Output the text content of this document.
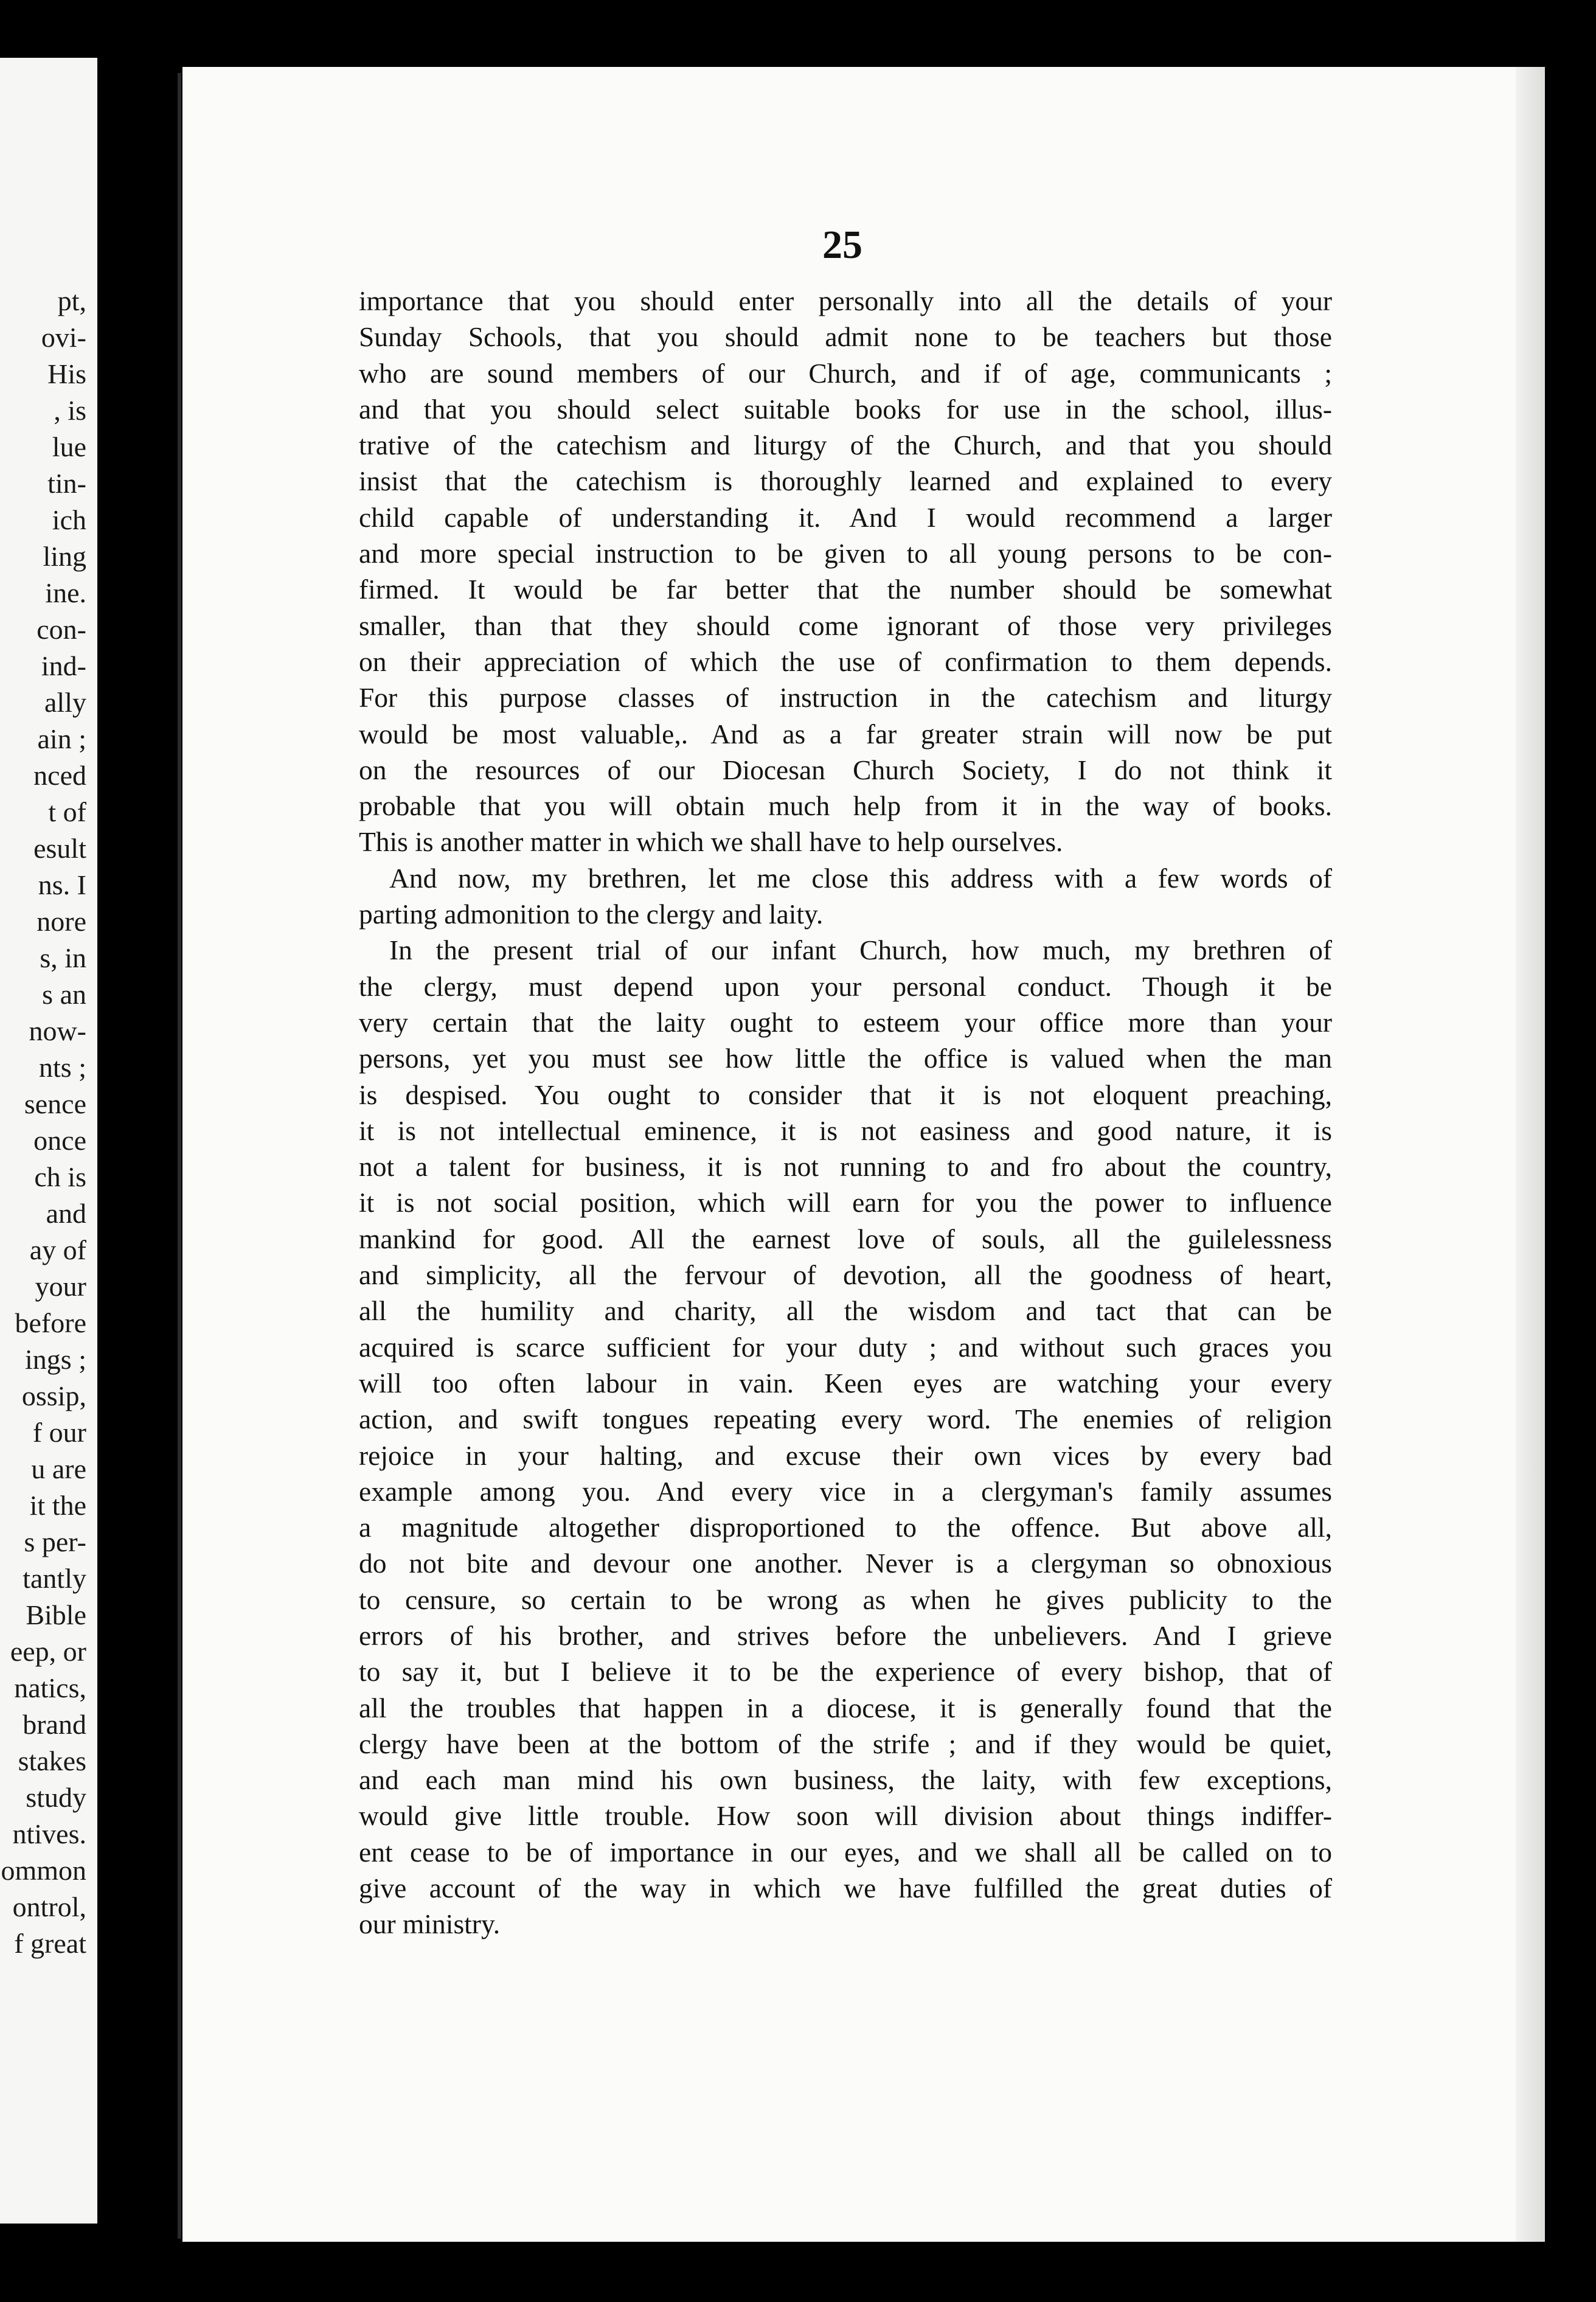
pt,
ovi-
His
, is
lue
tin-
ich
ling
ine.
con-
ind-
ally
ain ;
nced
t of
esult
ns. I
nore
s, in
s an
now-
nts ;
sence
once
ch is
and
ay of
your
before
ings ;
ossip,
f our
u are
it the
s per-
tantly
Bible
eep, or
natics,
brand
stakes
study
ntives.
ommon
ontrol,
f great
25
importance that you should enter personally into all the details of your
Sunday Schools, that you should admit none to be teachers but those
who are sound members of our Church, and if of age, communicants ;
and that you should select suitable books for use in the school, illus-
trative of the catechism and liturgy of the Church, and that you should
insist that the catechism is thoroughly learned and explained to every
child capable of understanding it. And I would recommend a larger
and more special instruction to be given to all young persons to be con-
firmed. It would be far better that the number should be somewhat
smaller, than that they should come ignorant of those very privileges
on their appreciation of which the use of confirmation to them depends.
For this purpose classes of instruction in the catechism and liturgy
would be most valuable,. And as a far greater strain will now be put
on the resources of our Diocesan Church Society, I do not think it
probable that you will obtain much help from it in the way of books.
This is another matter in which we shall have to help ourselves.
And now, my brethren, let me close this address with a few words of
parting admonition to the clergy and laity.
In the present trial of our infant Church, how much, my brethren of
the clergy, must depend upon your personal conduct. Though it be
very certain that the laity ought to esteem your office more than your
persons, yet you must see how little the office is valued when the man
is despised. You ought to consider that it is not eloquent preaching,
it is not intellectual eminence, it is not easiness and good nature, it is
not a talent for business, it is not running to and fro about the country,
it is not social position, which will earn for you the power to influence
mankind for good. All the earnest love of souls, all the guilelessness
and simplicity, all the fervour of devotion, all the goodness of heart,
all the humility and charity, all the wisdom and tact that can be
acquired is scarce sufficient for your duty ; and without such graces you
will too often labour in vain. Keen eyes are watching your every
action, and swift tongues repeating every word. The enemies of religion
rejoice in your halting, and excuse their own vices by every bad
example among you. And every vice in a clergyman's family assumes
a magnitude altogether disproportioned to the offence. But above all,
do not bite and devour one another. Never is a clergyman so obnoxious
to censure, so certain to be wrong as when he gives publicity to the
errors of his brother, and strives before the unbelievers. And I grieve
to say it, but I believe it to be the experience of every bishop, that of
all the troubles that happen in a diocese, it is generally found that the
clergy have been at the bottom of the strife ; and if they would be quiet,
and each man mind his own business, the laity, with few exceptions,
would give little trouble. How soon will division about things indiffer-
ent cease to be of importance in our eyes, and we shall all be called on to
give account of the way in which we have fulfilled the great duties of
our ministry.
